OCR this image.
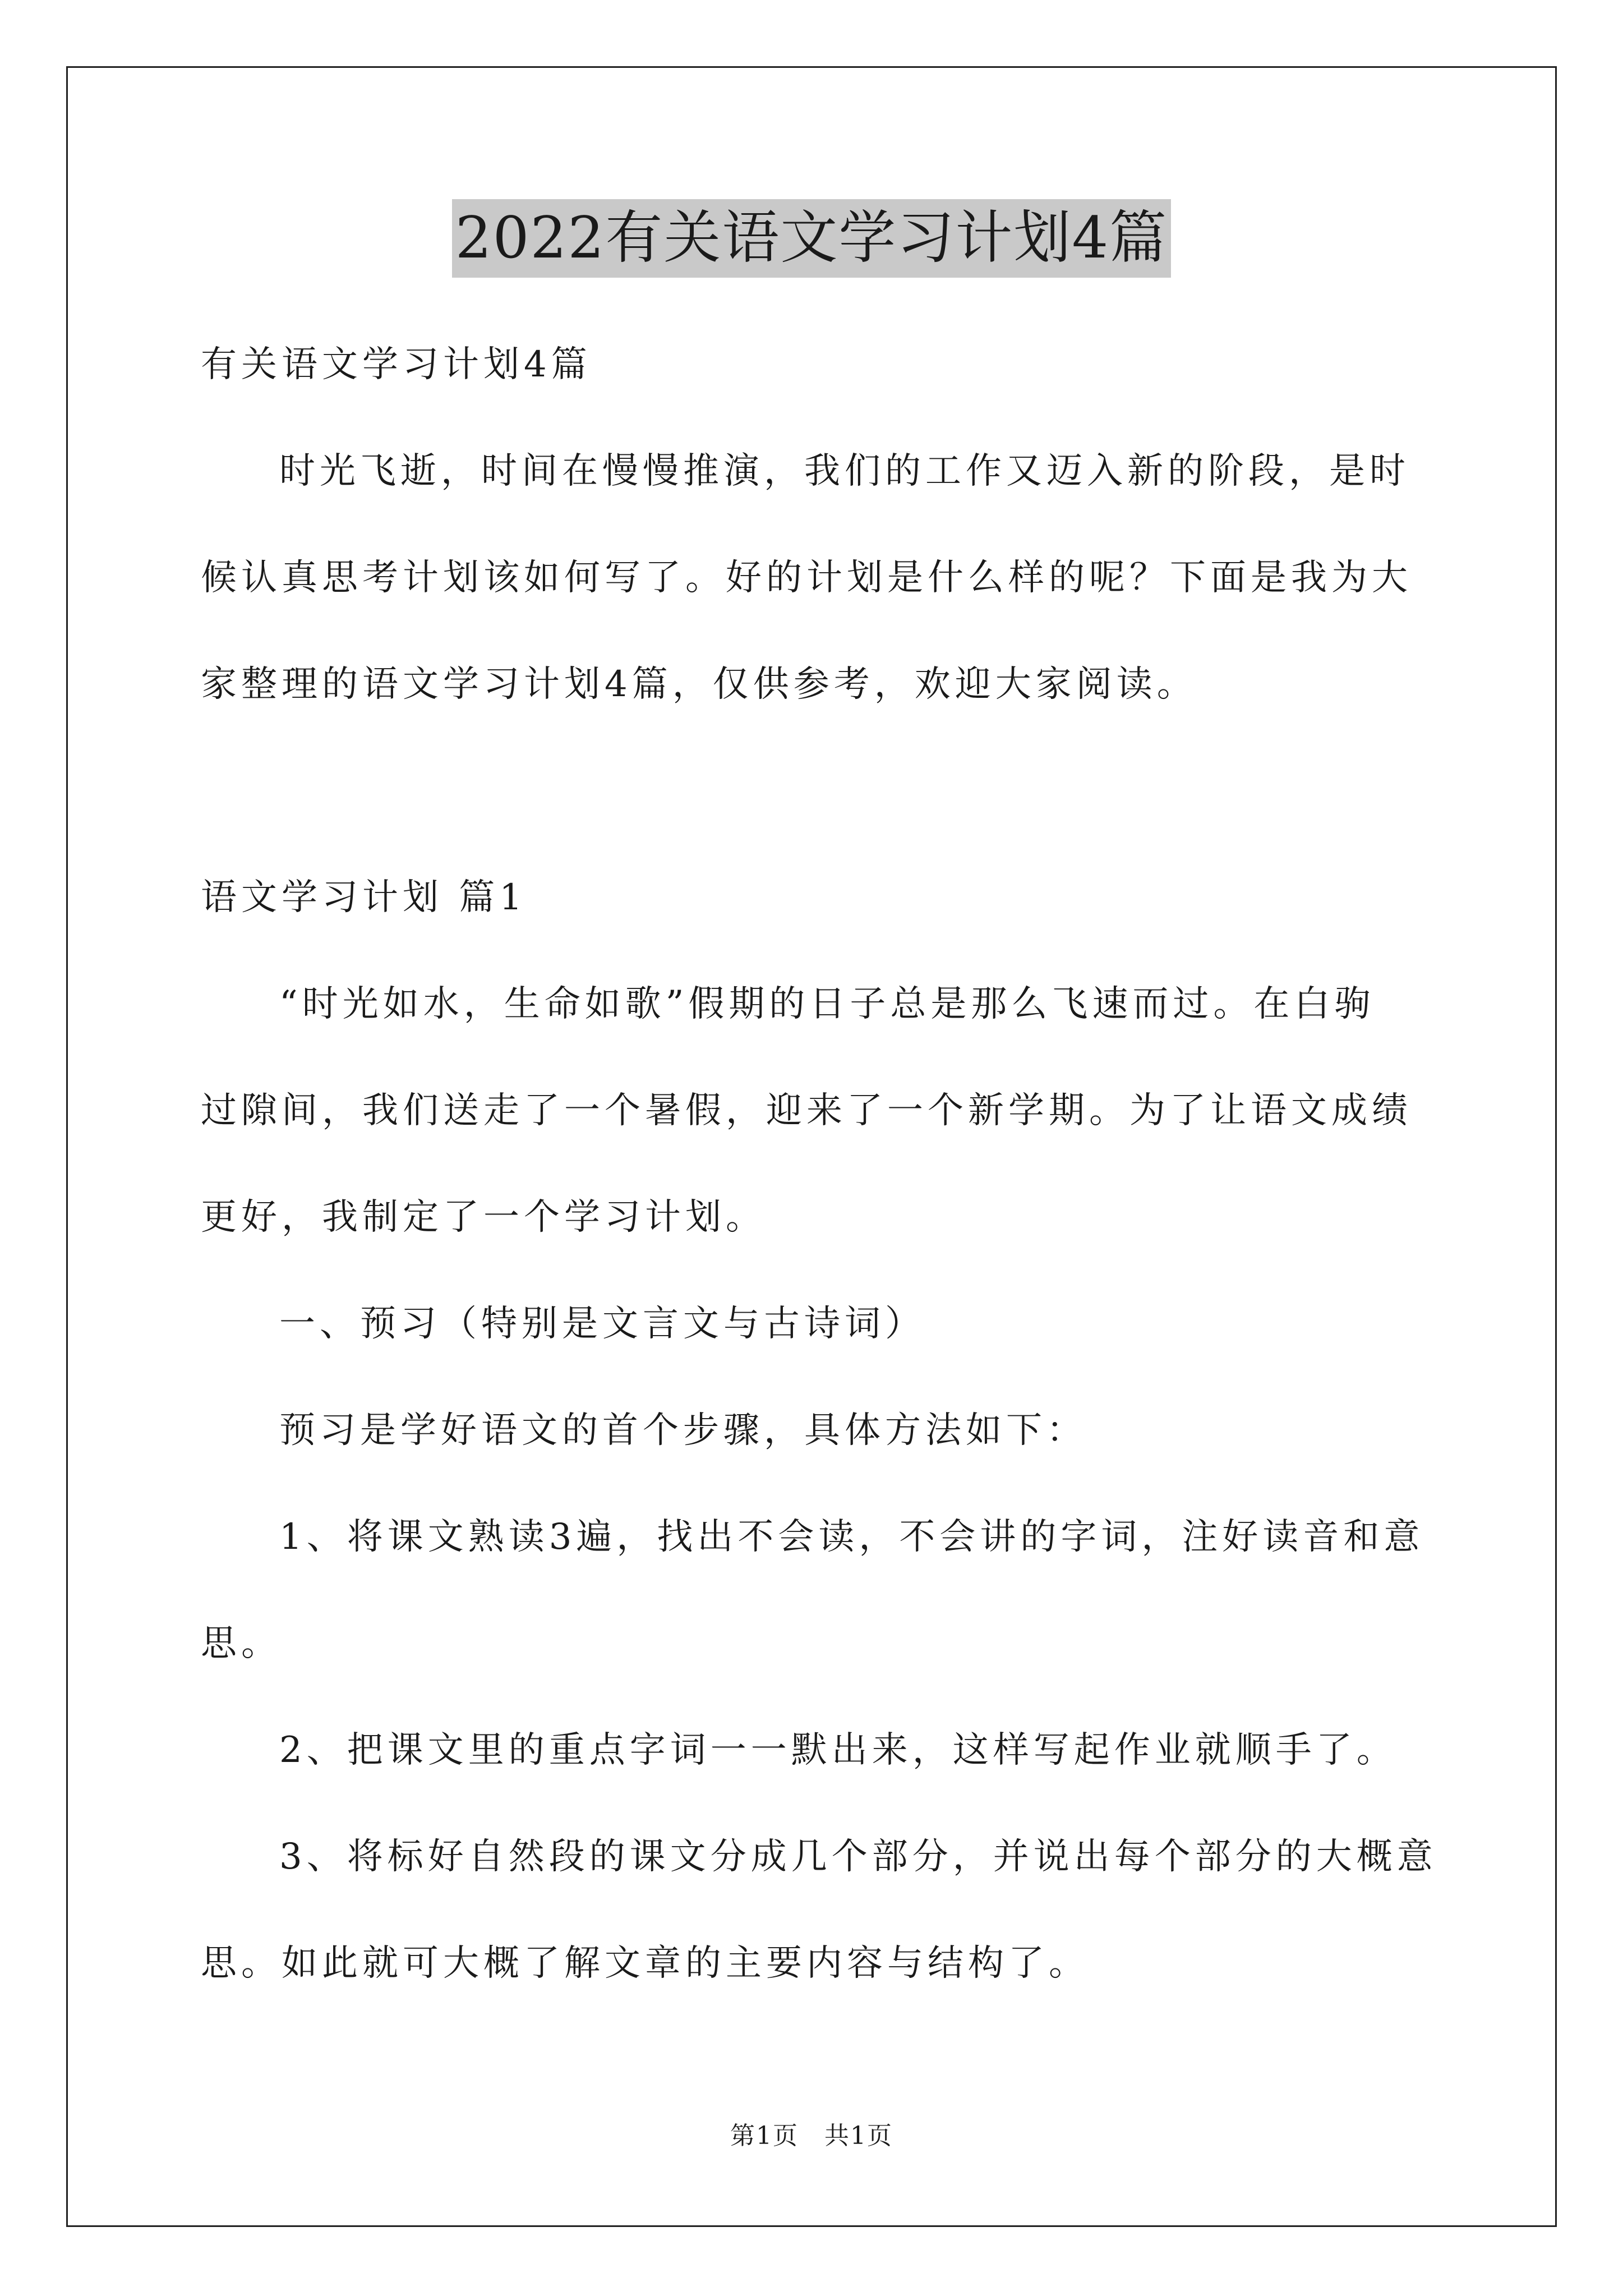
2022有关语文学习计划4篇
有关语文学习计划4篇
时光飞逝，时间在慢慢推演，我们的工作又迈入新的阶段，是时
候认真思考计划该如何写了。好的计划是什么样的呢？下面是我为大
家整理的语文学习计划4篇，仅供参考，欢迎大家阅读。
语文学习计划 篇1
“时光如水，生命如歌”假期的日子总是那么飞速而过。在白驹
过隙间，我们送走了一个暑假，迎来了一个新学期。为了让语文成绩
更好，我制定了一个学习计划。
一、预习（特别是文言文与古诗词）
预习是学好语文的首个步骤，具体方法如下：
1、将课文熟读3遍，找出不会读，不会讲的字词，注好读音和意
思。
2、把课文里的重点字词一一默出来，这样写起作业就顺手了。
3、将标好自然段的课文分成几个部分，并说出每个部分的大概意
思。如此就可大概了解文章的主要内容与结构了。
第1页　共1页
